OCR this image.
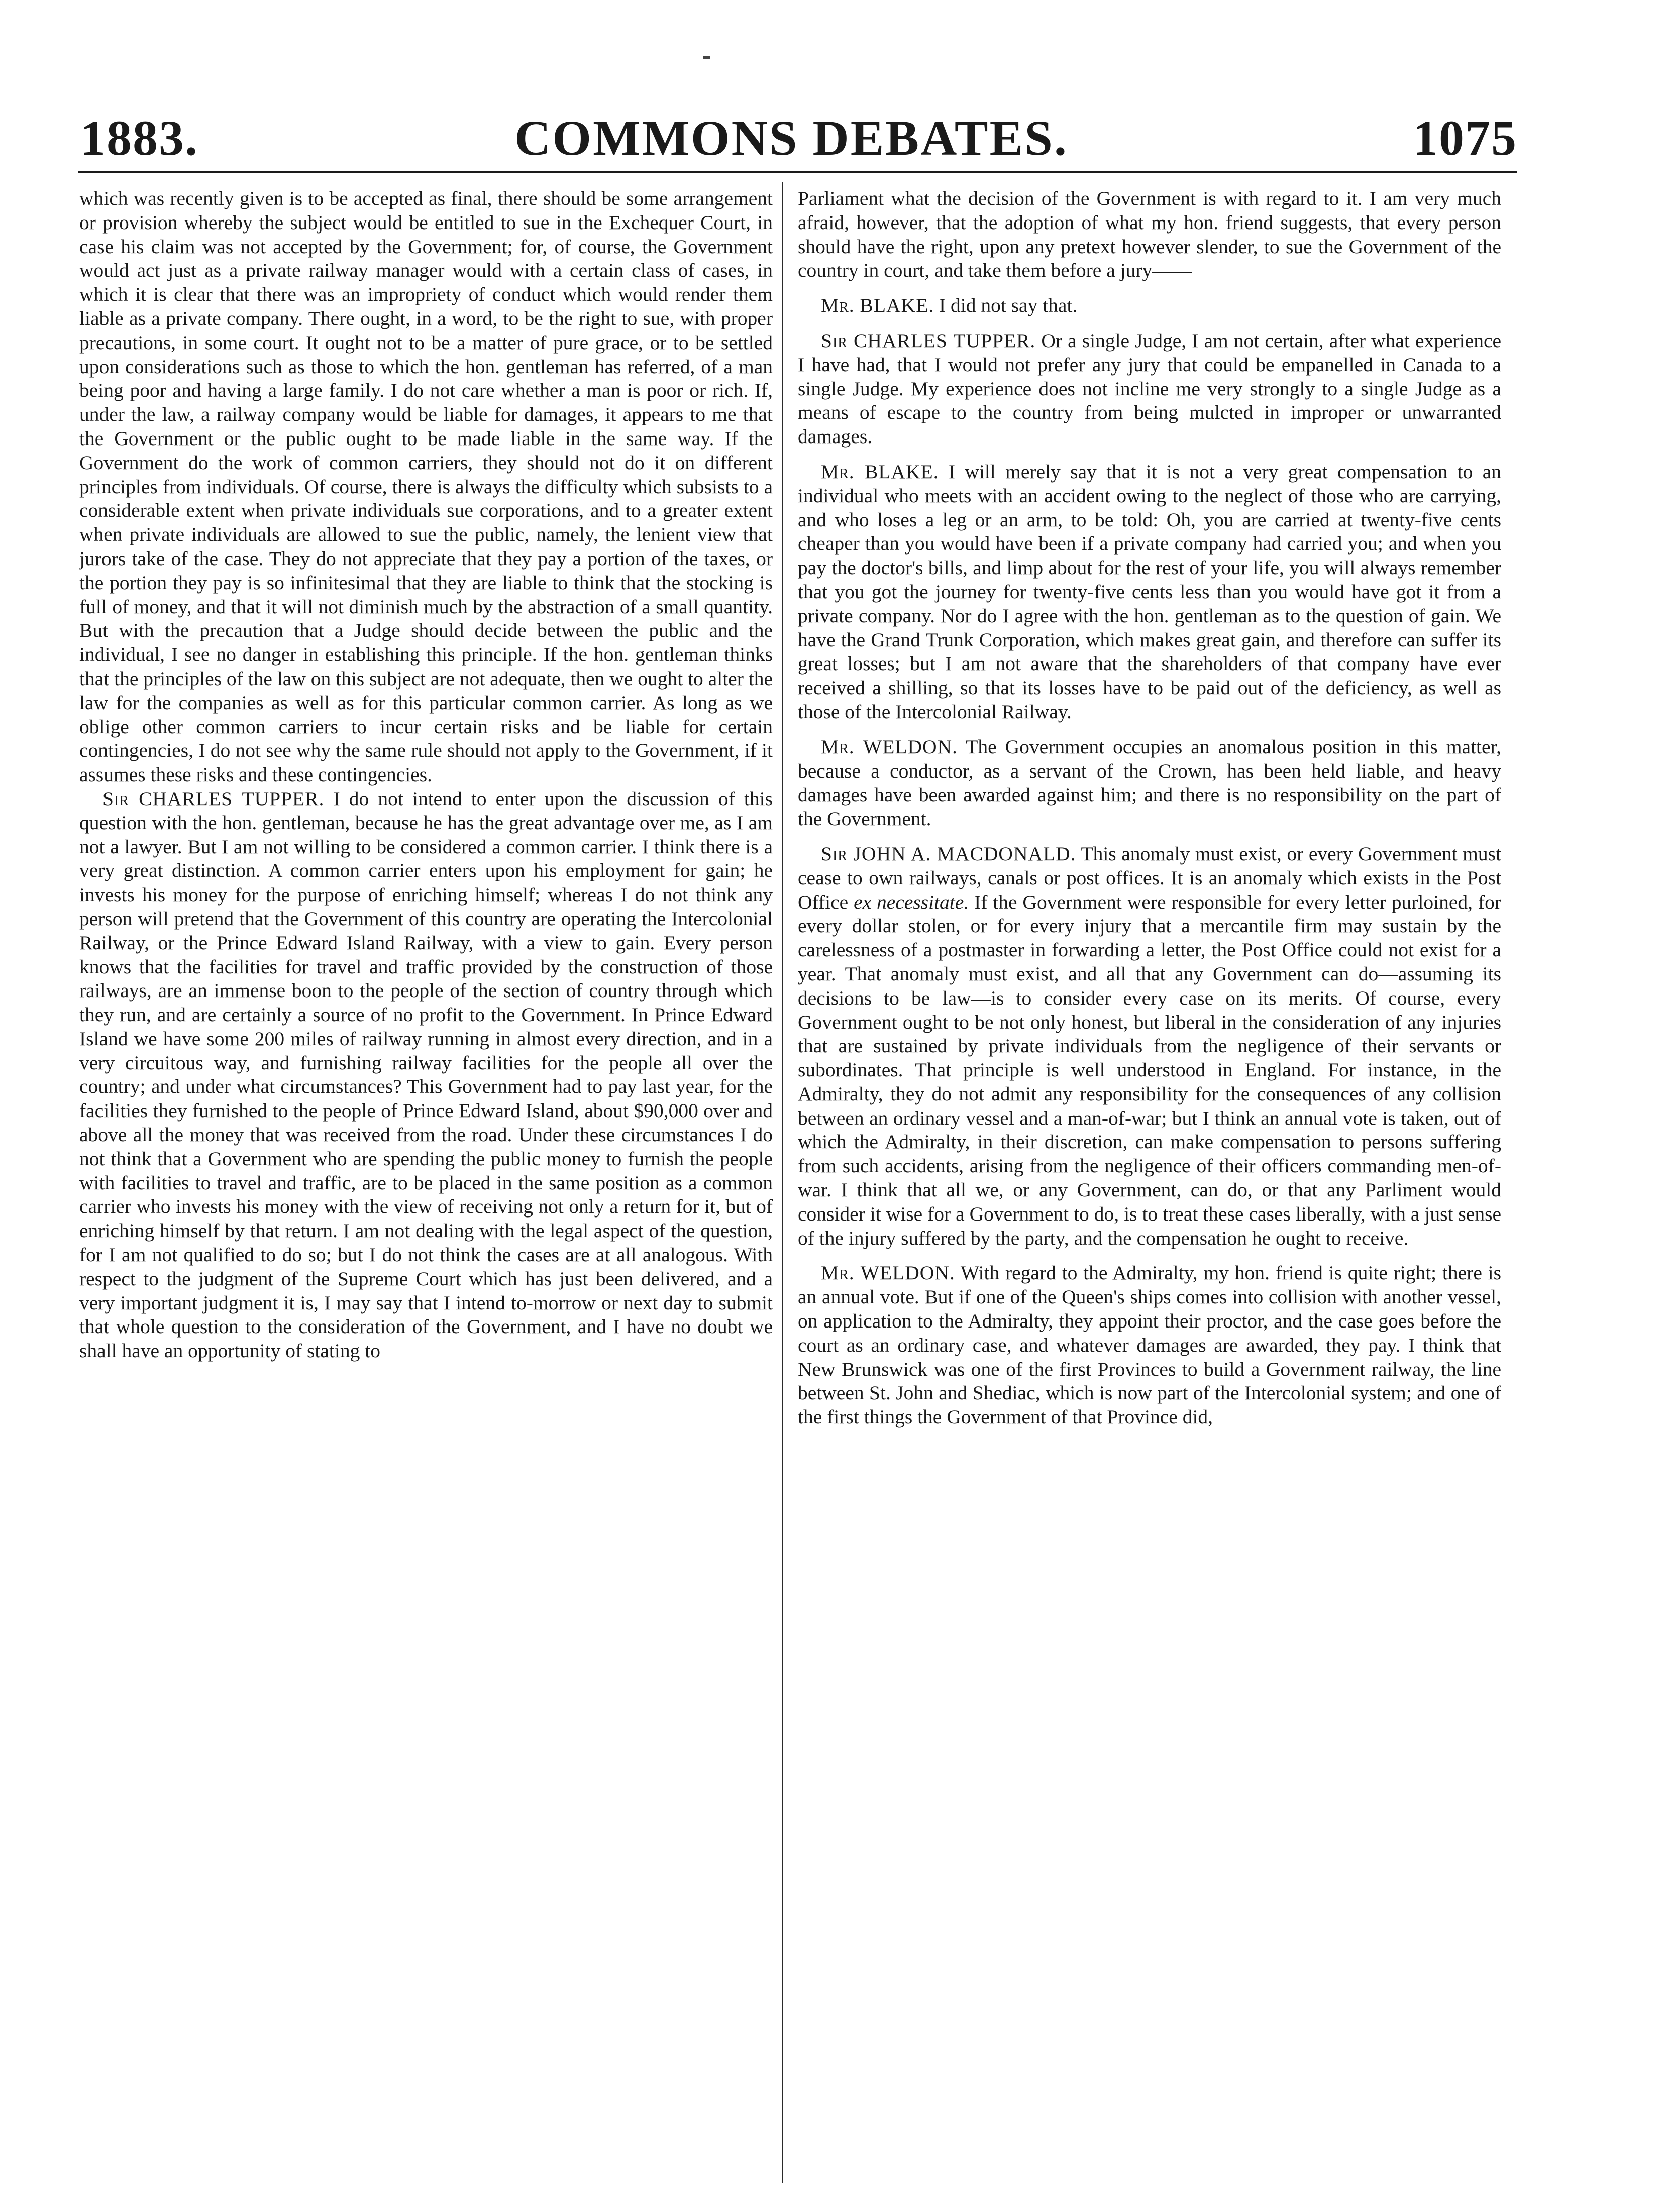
COMMONS DEBATES.
1883.	1075

which was recently given is to be accepted as final, there should be some arrangement or provision whereby the subject would be entitled to sue in the Exchequer Court, in case his claim was not accepted by the Government; for, of course, the Government would act just as a private railway manager would with a certain class of cases, in which it is clear that there was an impropriety of conduct which would render them liable as a private company. There ought, in a word, to be the right to sue, with proper precautions, in some court. It ought not to be a matter of pure grace, or to be settled upon considerations such as those to which the hon. gentleman has referred, of a man being poor and having a large family. I do not care whether a man is poor or rich. If, under the law, a railway company would be liable for damages, it appears to me that the Government or the public ought to be made liable in the same way. If the Government do the work of common carriers, they should not do it on different principles from individuals. Of course, there is always the difficulty which subsists to a considerable extent when private individuals sue corporations, and to a greater extent when private individuals are allowed to sue the public, namely, the lenient view that jurors take of the case. They do not appreciate that they pay a portion of the taxes, or the portion they pay is so infinitesimal that they are liable to think that the stocking is full of money, and that it will not diminish much by the abstraction of a small quantity. But with the precaution that a Judge should decide between the public and the individual, I see no danger in establishing this principle. If the hon. gentleman thinks that the principles of the law on this subject are not adequate, then we ought to alter the law for the companies as well as for this particular common carrier. As long as we oblige other common carriers to incur certain risks and be liable for certain contingencies, I do not see why the same rule should not apply to the Government, if it assumes these risks and these contingencies.

Sir CHARLES TUPPER. I do not intend to enter upon the discussion of this question with the hon. gentleman, because he has the great advantage over me, as I am not a lawyer. But I am not willing to be considered a common carrier. I think there is a very great distinction. A common carrier enters upon his employment for gain; he invests his money for the purpose of enriching himself; whereas I do not think any person will pretend that the Government of this country are operating the Intercolonial Railway, or the Prince Edward Island Railway, with a view to gain. Every person knows that the facilities for travel and traffic provided by the construction of those railways, are an immense boon to the people of the section of country through which they run, and are certainly a source of no profit to the Government. In Prince Edward Island we have some 200 miles of railway running in almost every direction, and in a very circuitous way, and furnishing railway facilities for the people all over the country; and under what circumstances? This Government had to pay last year, for the facilities they furnished to the people of Prince Edward Island, about $90,000 over and above all the money that was received from the road. Under these circumstances I do not think that a Government who are spending the public money to furnish the people with facilities to travel and traffic, are to be placed in the same position as a common carrier who invests his money with the view of receiving not only a return for it, but of enriching himself by that return. I am not dealing with the legal aspect of the question, for I am not qualified to do so; but I do not think the cases are at all analogous. With respect to the judgment of the Supreme Court which has just been delivered, and a very important judgment it is, I may say that I intend to-morrow or next day to submit that whole question to the consideration of the Government, and I have no doubt we shall have an opportunity of stating to

Parliament what the decision of the Government is with regard to it. I am very much afraid, however, that the adoption of what my hon. friend suggests, that every person should have the right, upon any pretext however slender, to sue the Government of the country in court, and take them before a jury——

Mr. BLAKE. I did not say that.

Sir CHARLES TUPPER. Or a single Judge, I am not certain, after what experience I have had, that I would not prefer any jury that could be empanelled in Canada to a single Judge. My experience does not incline me very strongly to a single Judge as a means of escape to the country from being mulcted in improper or unwarranted damages.

Mr. BLAKE. I will merely say that it is not a very great compensation to an individual who meets with an accident owing to the neglect of those who are carrying, and who loses a leg or an arm, to be told: Oh, you are carried at twenty-five cents cheaper than you would have been if a private company had carried you; and when you pay the doctor's bills, and limp about for the rest of your life, you will always remember that you got the journey for twenty-five cents less than you would have got it from a private company. Nor do I agree with the hon. gentleman as to the question of gain. We have the Grand Trunk Corporation, which makes great gain, and therefore can suffer its great losses; but I am not aware that the shareholders of that company have ever received a shilling, so that its losses have to be paid out of the deficiency, as well as those of the Intercolonial Railway.

Mr. WELDON. The Government occupies an anomalous position in this matter, because a conductor, as a servant of the Crown, has been held liable, and heavy damages have been awarded against him; and there is no responsibility on the part of the Government.

Sir JOHN A. MACDONALD. This anomaly must exist, or every Government must cease to own railways, canals or post offices. It is an anomaly which exists in the Post Office ex necessitate. If the Government were responsible for every letter purloined, for every dollar stolen, or for every injury that a mercantile firm may sustain by the carelessness of a postmaster in forwarding a letter, the Post Office could not exist for a year. That anomaly must exist, and all that any Government can do—assuming its decisions to be law—is to consider every case on its merits. Of course, every Government ought to be not only honest, but liberal in the consideration of any injuries that are sustained by private individuals from the negligence of their servants or subordinates. That principle is well understood in England. For instance, in the Admiralty, they do not admit any responsibility for the consequences of any collision between an ordinary vessel and a man-of-war; but I think an annual vote is taken, out of which the Admiralty, in their discretion, can make compensation to persons suffering from such accidents, arising from the negligence of their officers commanding men-of-war. I think that all we, or any Government, can do, or that any Parliment would consider it wise for a Government to do, is to treat these cases liberally, with a just sense of the injury suffered by the party, and the compensation he ought to receive.

Mr. WELDON. With regard to the Admiralty, my hon. friend is quite right; there is an annual vote. But if one of the Queen's ships comes into collision with another vessel, on application to the Admiralty, they appoint their proctor, and the case goes before the court as an ordinary case, and whatever damages are awarded, they pay. I think that New Brunswick was one of the first Provinces to build a Government railway, the line between St. John and Shediac, which is now part of the Intercolonial system; and one of the first things the Government of that Province did,
